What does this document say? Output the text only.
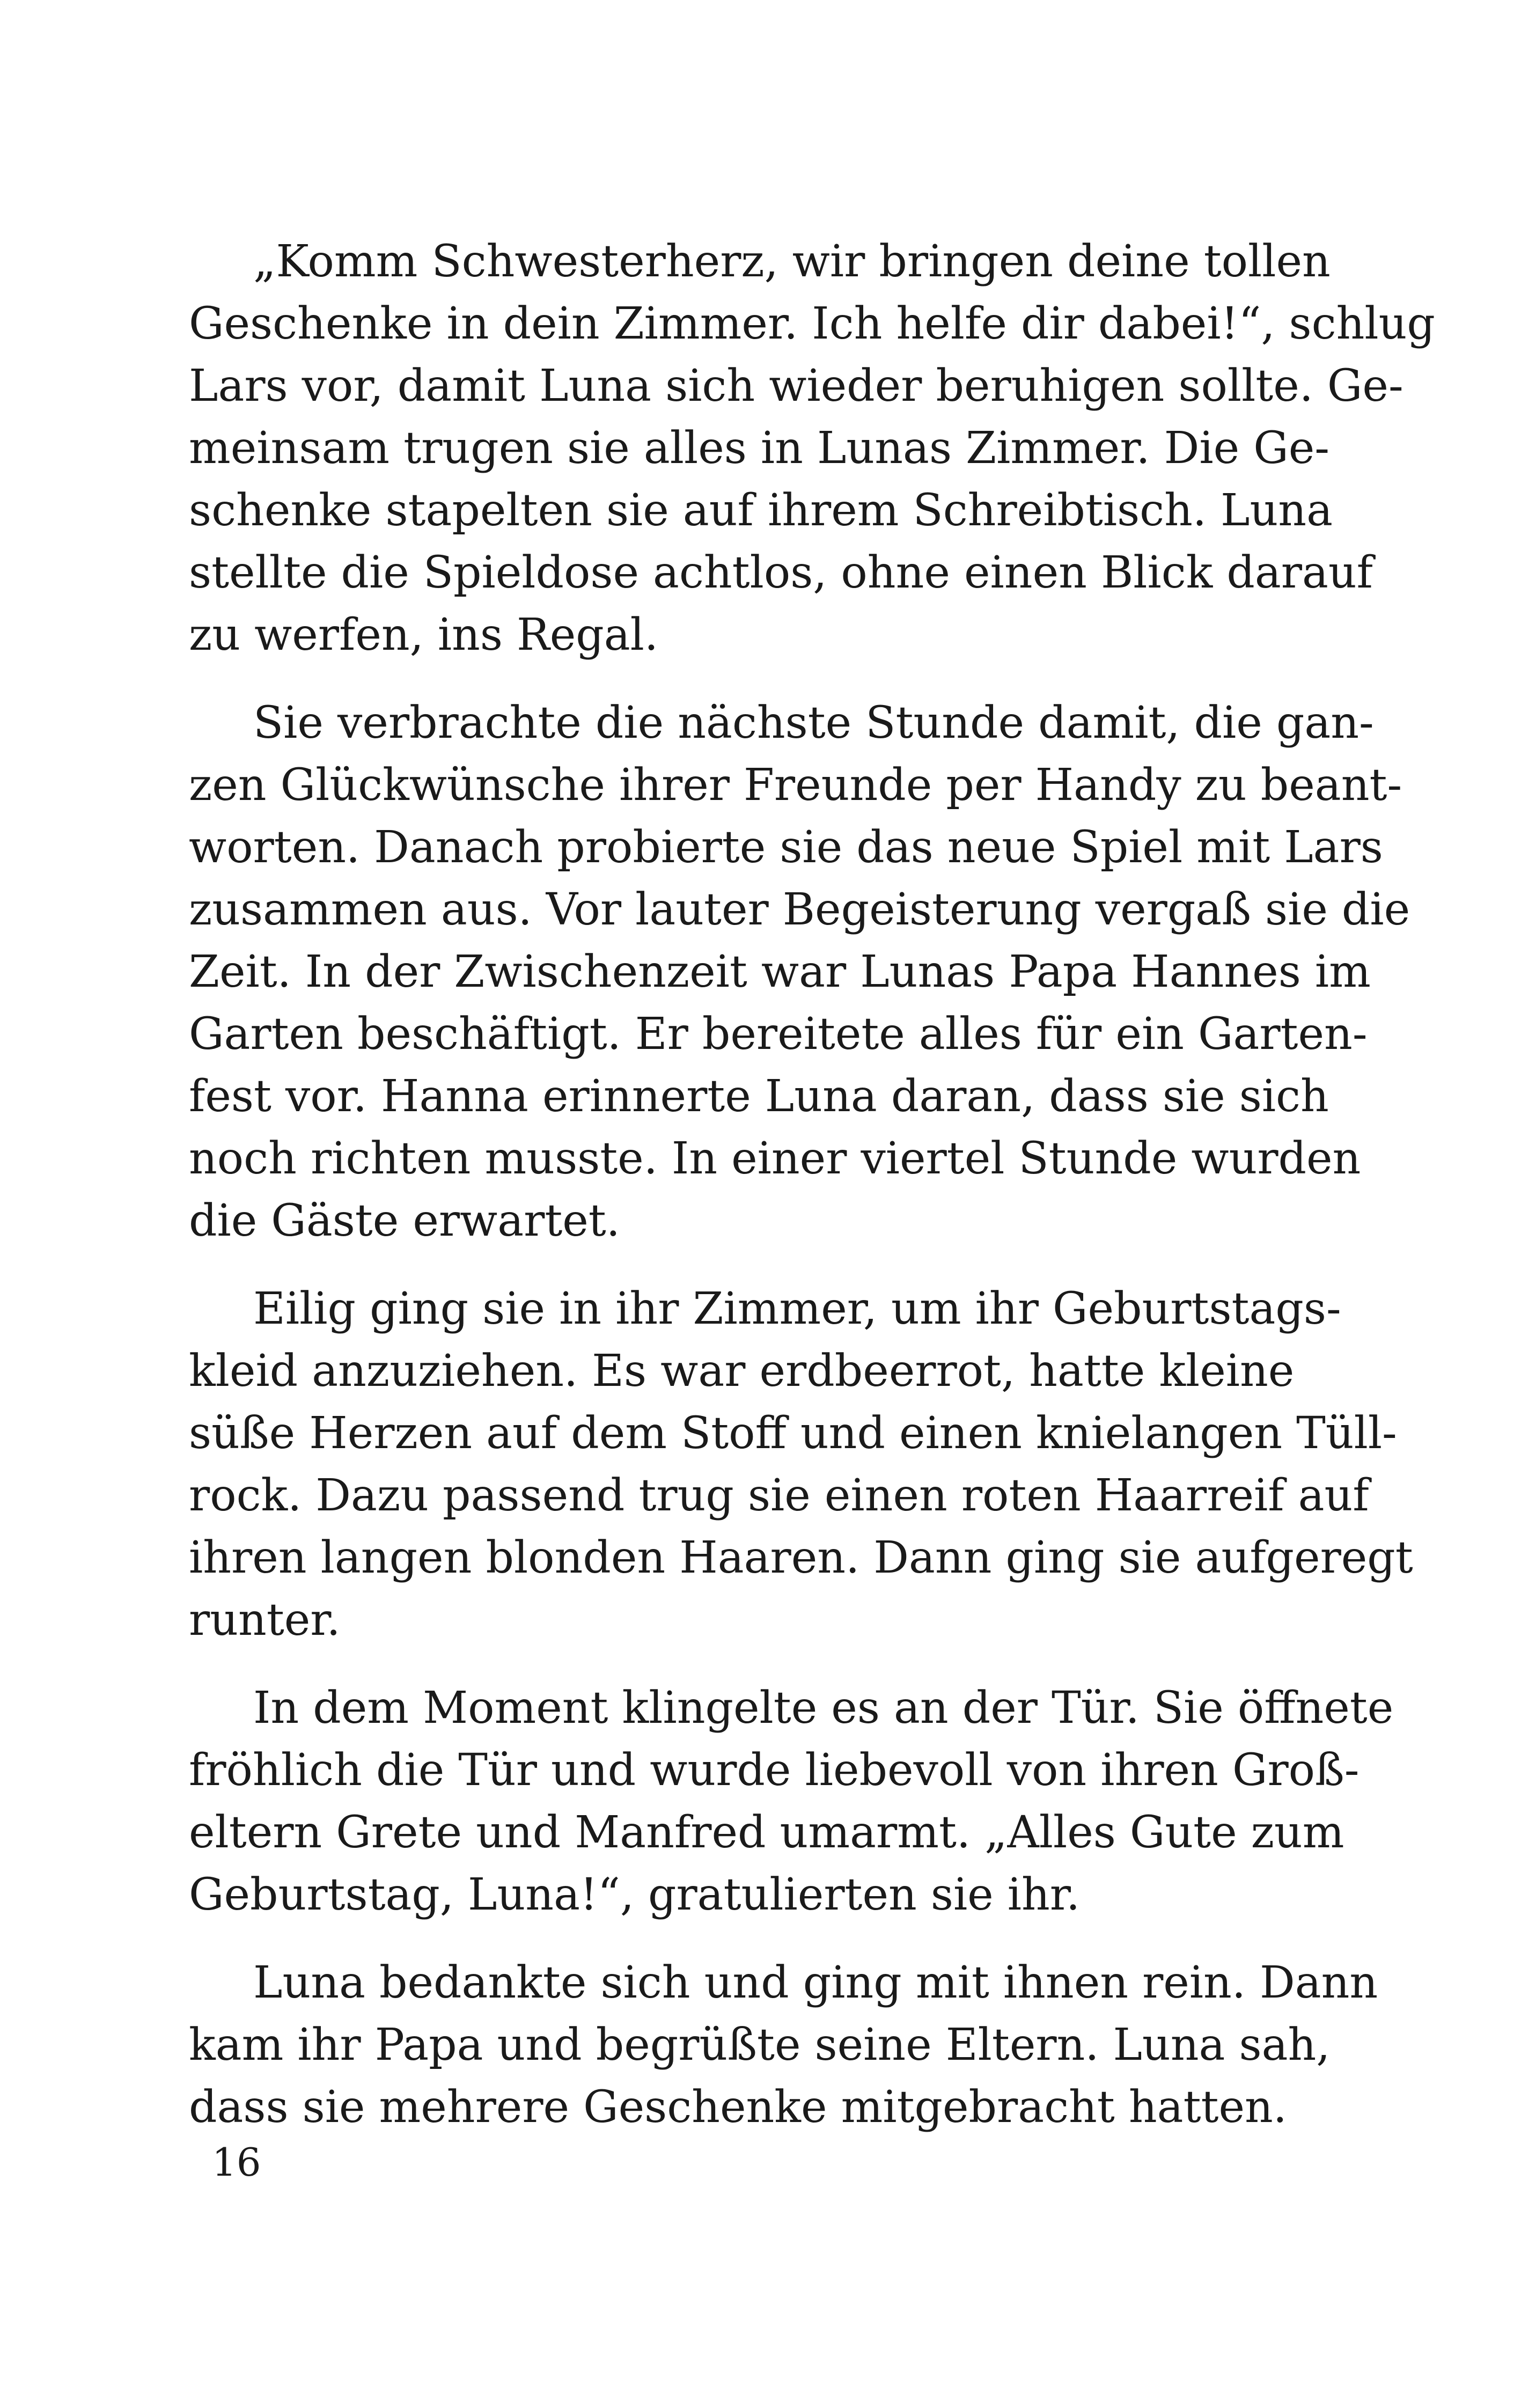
„Komm Schwesterherz, wir bringen deine tollen
Geschenke in dein Zimmer. Ich helfe dir dabei!“, schlug
Lars vor, damit Luna sich wieder beruhigen sollte. Ge-
meinsam trugen sie alles in Lunas Zimmer. Die Ge-
schenke stapelten sie auf ihrem Schreibtisch. Luna
stellte die Spieldose achtlos, ohne einen Blick darauf
zu werfen, ins Regal.
Sie verbrachte die nächste Stunde damit, die gan-
zen Glückwünsche ihrer Freunde per Handy zu beant-
worten. Danach probierte sie das neue Spiel mit Lars
zusammen aus. Vor lauter Begeisterung vergaß sie die
Zeit. In der Zwischenzeit war Lunas Papa Hannes im
Garten beschäftigt. Er bereitete alles für ein Garten-
fest vor. Hanna erinnerte Luna daran, dass sie sich
noch richten musste. In einer viertel Stunde wurden
die Gäste erwartet.
Eilig ging sie in ihr Zimmer, um ihr Geburtstags-
kleid anzuziehen. Es war erdbeerrot, hatte kleine
süße Herzen auf dem Stoff und einen knielangen Tüll-
rock. Dazu passend trug sie einen roten Haarreif auf
ihren langen blonden Haaren. Dann ging sie aufgeregt
runter.
In dem Moment klingelte es an der Tür. Sie öffnete
fröhlich die Tür und wurde liebevoll von ihren Groß-
eltern Grete und Manfred umarmt. „Alles Gute zum
Geburtstag, Luna!“, gratulierten sie ihr.
Luna bedankte sich und ging mit ihnen rein. Dann
kam ihr Papa und begrüßte seine Eltern. Luna sah,
dass sie mehrere Geschenke mitgebracht hatten.
16
